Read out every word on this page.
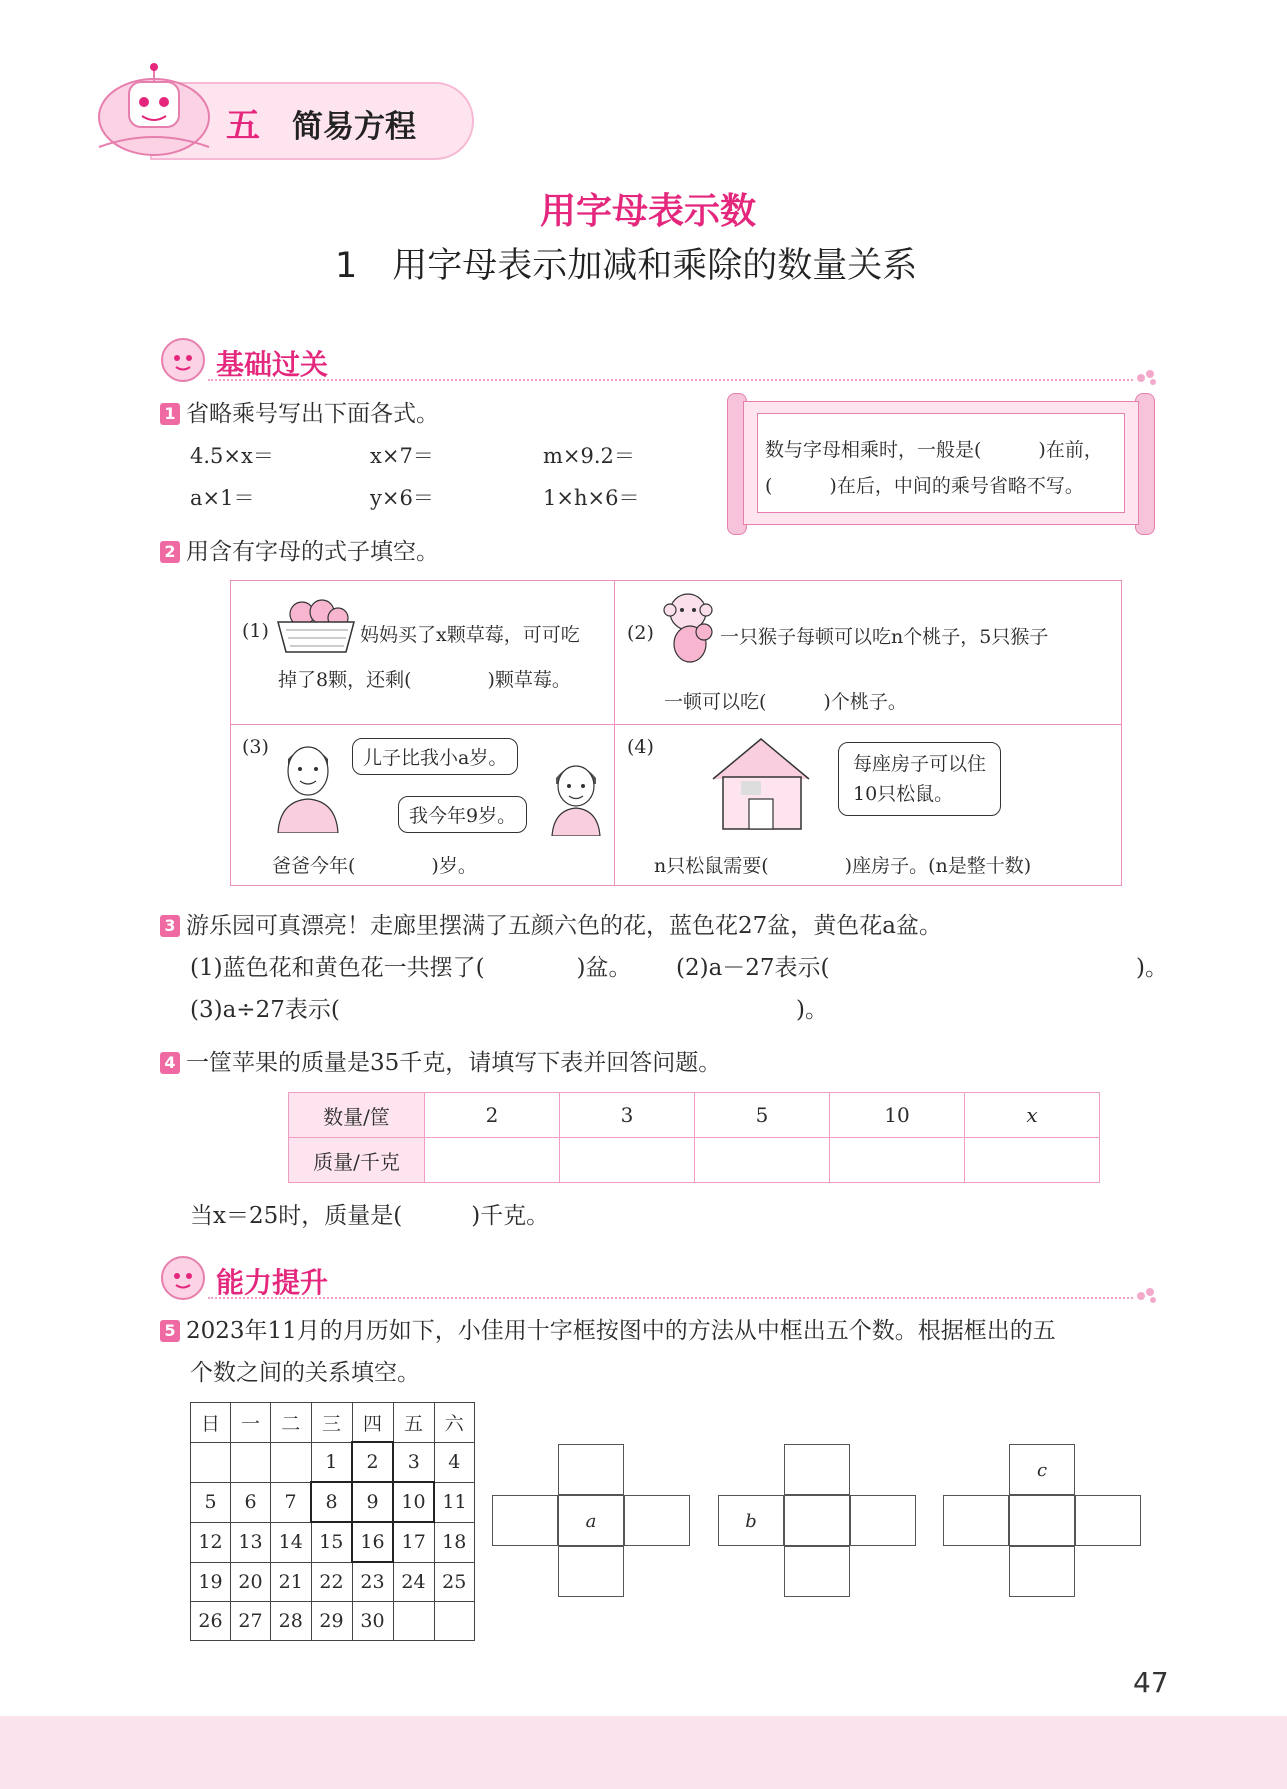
五 简易方程
用字母表示数
1　用字母表示加减和乘除的数量关系
基础过关
1 省略乘号写出下面各式。
4.5×x＝	x×7＝	m×9.2＝
a×1＝	y×6＝	1×h×6＝
数与字母相乘时，一般是(　　　)在前，
(　　　)在后，中间的乘号省略不写。
2 用含有字母的式子填空。
(1)	妈妈买了x颗草莓，可可吃
掉了8颗，还剩(　　　　)颗草莓。
(2)	一只猴子每顿可以吃n个桃子，5只猴子
一顿可以吃(　　　)个桃子。
(3)	儿子比我小a岁。
我今年9岁。
爸爸今年(　　　　)岁。
(4)
每座房子可以住
10只松鼠。
n只松鼠需要(　　　　)座房子。(n是整十数)
3 游乐园可真漂亮！走廊里摆满了五颜六色的花，蓝色花27盆，黄色花a盆。
(1)蓝色花和黄色花一共摆了(　　　　)盆。 (2)a－27表示(	)。
(3)a÷27表示(	)。
4 一筐苹果的质量是35千克，请填写下表并回答问题。
数量/筐	2	3	5	10	x
质量/千克					
当x＝25时，质量是(　　　)千克。
能力提升
5 2023年11月的月历如下，小佳用十字框按图中的方法从中框出五个数。根据框出的五
个数之间的关系填空。
日	一	二	三	四	五	六
			1	2	3	4
5	6	7	8	9	10	11
12	13	14	15	16	17	18
19	20	21	22	23	24	25
26	27	28	29	30		
a	b
c
47
